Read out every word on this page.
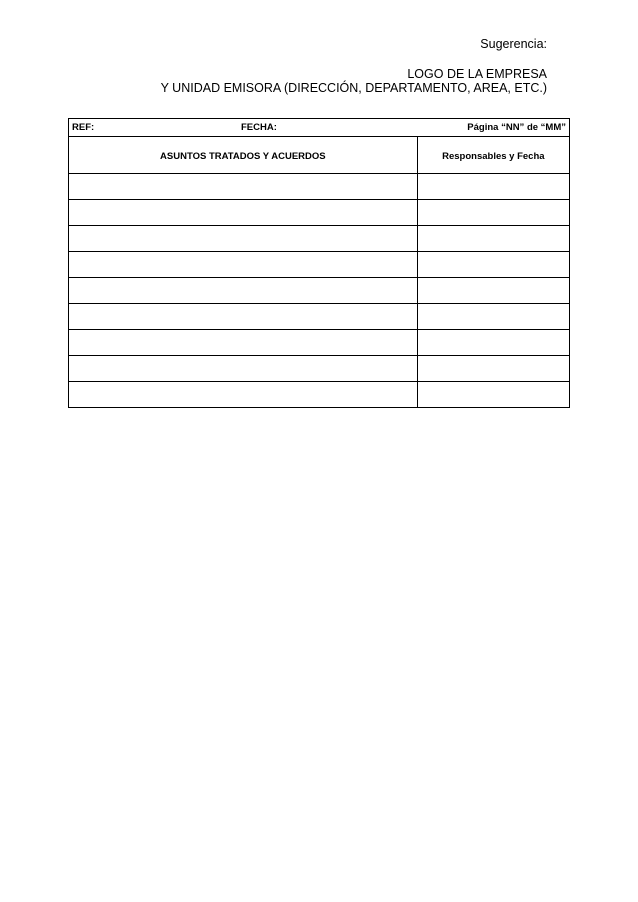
Sugerencia:
LOGO DE LA EMPRESA
Y UNIDAD EMISORA (DIRECCIÓN, DEPARTAMENTO, AREA, ETC.)
REF: FECHA: Página “NN” de “MM”	

ASUNTOS TRATADOS Y ACUERDOS	Responsables y Fecha
